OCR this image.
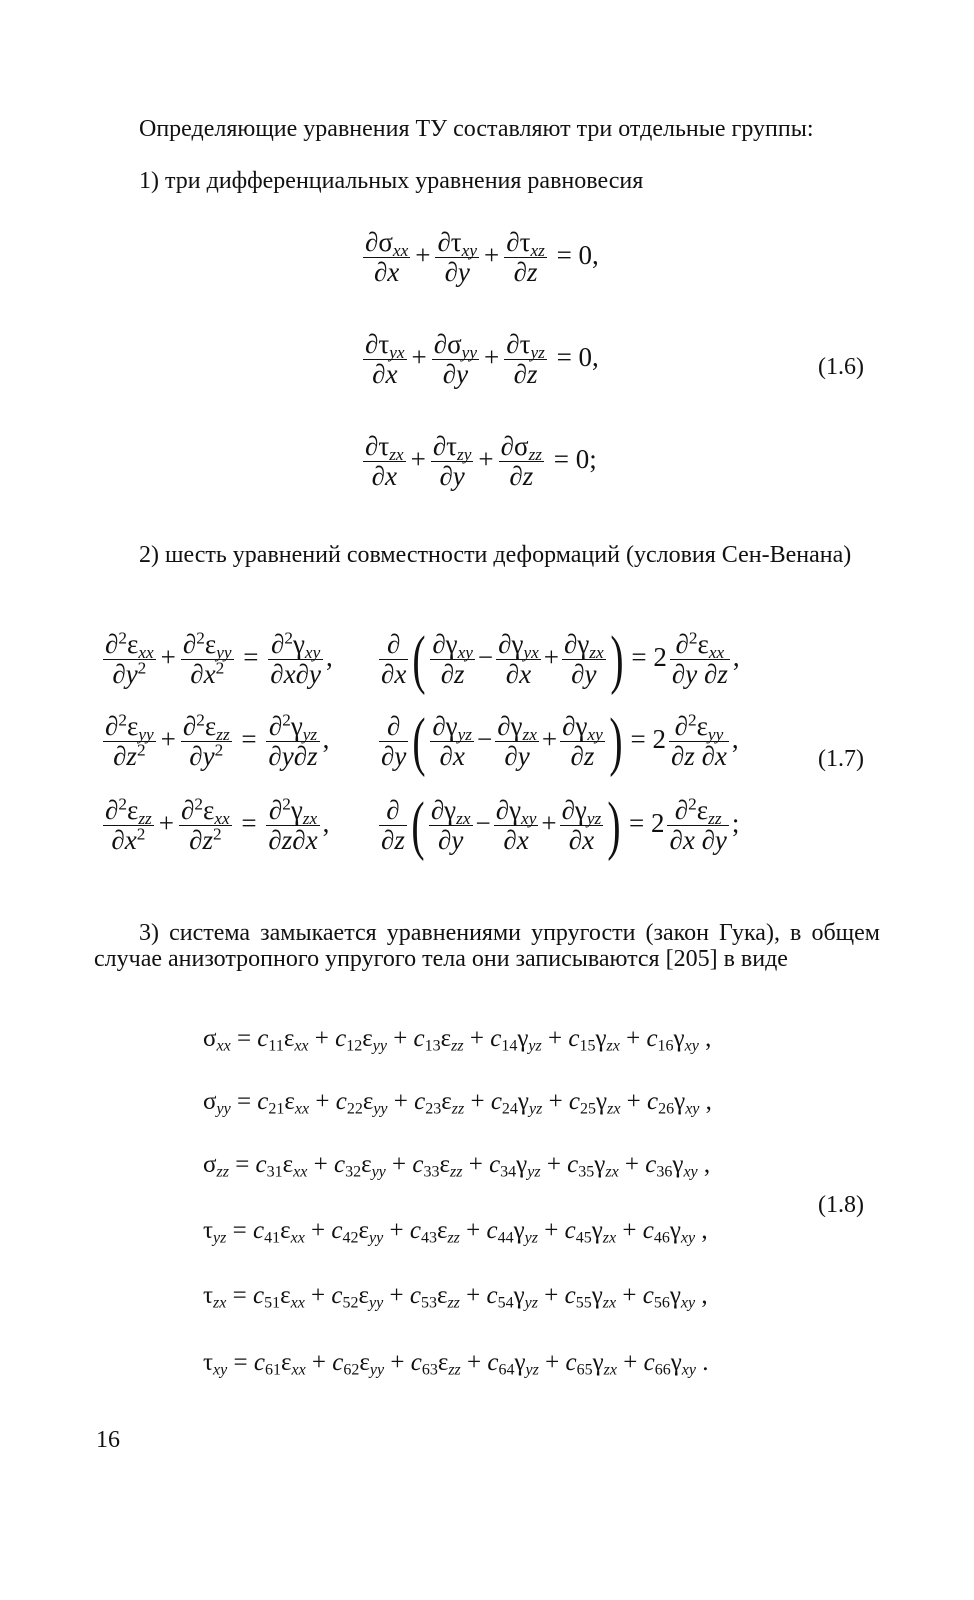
Определяющие уравнения ТУ составляют три отдельные группы:

1) три дифференциальных уравнения равновесия

$\partial\sigma_{xx}$
∂x
+ $\partial\tau_{xy}$
∂y
+ $\partial\tau_{xz}$
∂z
= 0,
$\partial\tau_{yx}$
∂x
+ $\partial\sigma_{yy}$
∂y
+ $\partial\tau_{yz}$
∂z
= 0,
$\partial\tau_{zx}$
∂x
+ $\partial\tau_{zy}$
∂y
+ $\partial\sigma_{zz}$
∂z
= 0;
(1.6)

2) шесть уравнений совместности деформаций (условия Сен-Венана)

$\partial^2\varepsilon_{xx}$
$\partial y^2 + \partial^2\varepsilon_{yy}$
$\partial x^2 = \partial^2\gamma_{xy}$
∂x∂y
, ∂
∂x ( $\partial\gamma_{xy}$
∂z
− $\partial\gamma_{yx}$
∂x
+ $\partial\gamma_{zx}$
∂y ) = 2 $\partial^2\varepsilon_{xx}$
∂y ∂z
,
$\partial^2\varepsilon_{yy}$
$\partial z^2 + \partial^2\varepsilon_{zz}$
$\partial y^2 = \partial^2\gamma_{yz}$
∂y∂z
, ∂
∂y ( $\partial\gamma_{yz}$
∂x
− $\partial\gamma_{zx}$
∂y
+ $\partial\gamma_{xy}$
∂z ) = 2 $\partial^2\varepsilon_{yy}$
∂z ∂x
,
$\partial^2\varepsilon_{zz}$
$\partial x^2 + \partial^2\varepsilon_{xx}$
$\partial z^2 = \partial^2\gamma_{zx}$
∂z∂x
, ∂
∂z ( $\partial\gamma_{zx}$
∂y
− $\partial\gamma_{xy}$
∂x
+ $\partial\gamma_{yz}$
∂x ) = 2 $\partial^2\varepsilon_{zz}$
∂x ∂y
;
(1.7)

3) система замыкается уравнениями упругости (закон Гука), в общем случае анизотропного упругого тела они записываются [205] в виде

$\sigma_{xx} = c_{11}\varepsilon_{xx} + c_{12}\varepsilon_{yy} + c_{13}\varepsilon_{zz} + c_{14}\gamma_{yz} + c_{15}\gamma_{zx} + c_{16}\gamma_{xy}$ ,
$\sigma_{yy} = c_{21}\varepsilon_{xx} + c_{22}\varepsilon_{yy} + c_{23}\varepsilon_{zz} + c_{24}\gamma_{yz} + c_{25}\gamma_{zx} + c_{26}\gamma_{xy}$ ,
$\sigma_{zz} = c_{31}\varepsilon_{xx} + c_{32}\varepsilon_{yy} + c_{33}\varepsilon_{zz} + c_{34}\gamma_{yz} + c_{35}\gamma_{zx} + c_{36}\gamma_{xy}$ ,
$\tau_{yz} = c_{41}\varepsilon_{xx} + c_{42}\varepsilon_{yy} + c_{43}\varepsilon_{zz} + c_{44}\gamma_{yz} + c_{45}\gamma_{zx} + c_{46}\gamma_{xy}$ ,
$\tau_{zx} = c_{51}\varepsilon_{xx} + c_{52}\varepsilon_{yy} + c_{53}\varepsilon_{zz} + c_{54}\gamma_{yz} + c_{55}\gamma_{zx} + c_{56}\gamma_{xy}$ ,
$\tau_{xy} = c_{61}\varepsilon_{xx} + c_{62}\varepsilon_{yy} + c_{63}\varepsilon_{zz} + c_{64}\gamma_{yz} + c_{65}\gamma_{zx} + c_{66}\gamma_{xy}$ .
(1.8)
16
